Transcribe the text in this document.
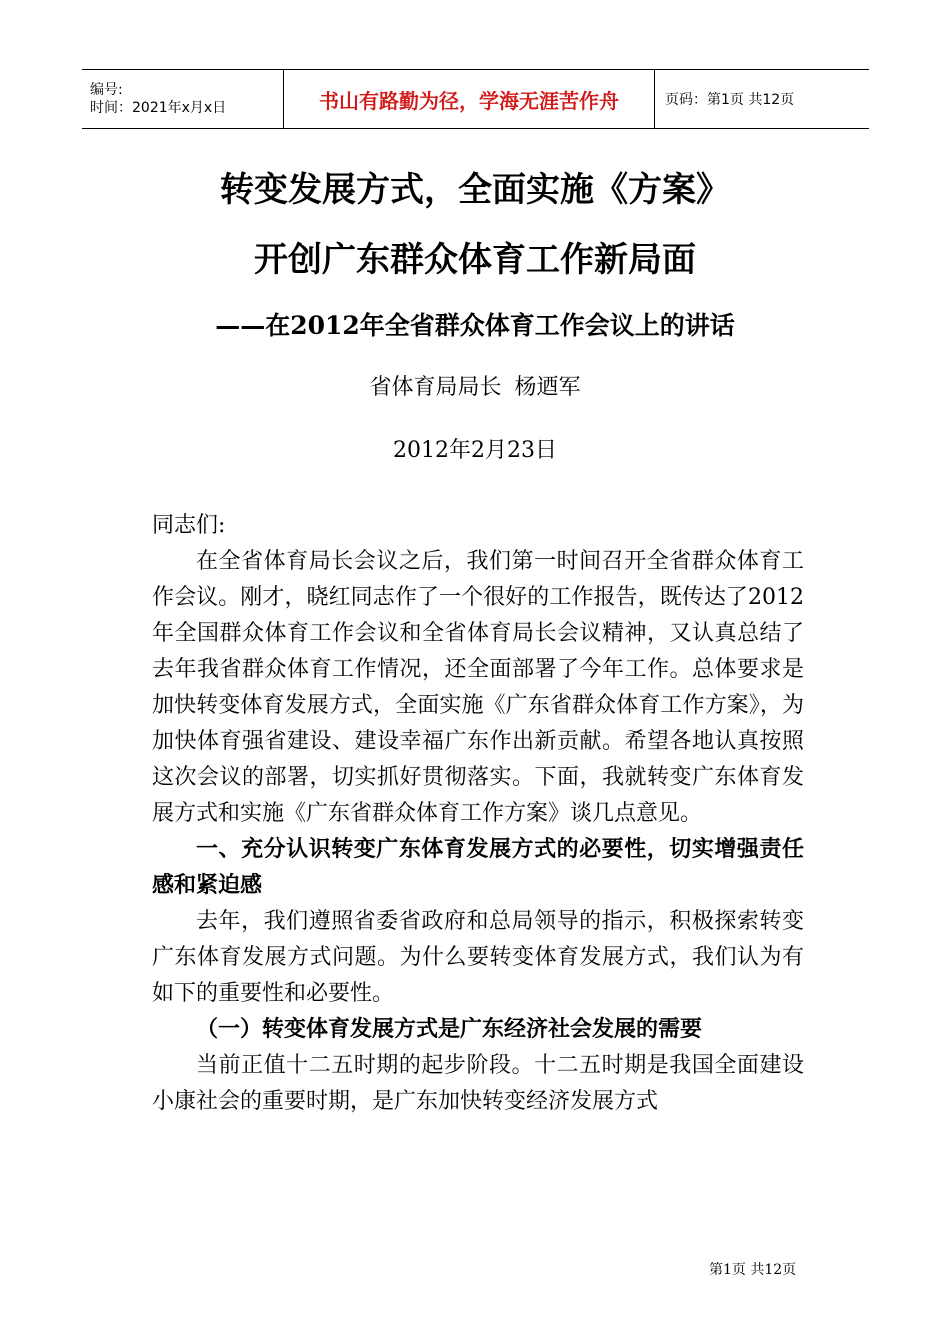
编号:
时间：2021年x月x日	书山有路勤为径，学海无涯苦作舟	页码：第1页 共12页
转变发展方式，全面实施《方案》
开创广东群众体育工作新局面
——在2012年全省群众体育工作会议上的讲话
省体育局局长 杨迺军
2012年2月23日

同志们:

在全省体育局长会议之后，我们第一时间召开全省群众体育工作会议。刚才，晓红同志作了一个很好的工作报告，既传达了2012年全国群众体育工作会议和全省体育局长会议精神，又认真总结了去年我省群众体育工作情况，还全面部署了今年工作。总体要求是加快转变体育发展方式，全面实施《广东省群众体育工作方案》，为加快体育强省建设、建设幸福广东作出新贡献。希望各地认真按照这次会议的部署，切实抓好贯彻落实。下面，我就转变广东体育发展方式和实施《广东省群众体育工作方案》谈几点意见。

一、充分认识转变广东体育发展方式的必要性，切实增强责任感和紧迫感

去年，我们遵照省委省政府和总局领导的指示，积极探索转变广东体育发展方式问题。为什么要转变体育发展方式，我们认为有如下的重要性和必要性。

（一）转变体育发展方式是广东经济社会发展的需要

当前正值十二五时期的起步阶段。十二五时期是我国全面建设小康社会的重要时期，是广东加快转变经济发展方式

第1页 共12页
